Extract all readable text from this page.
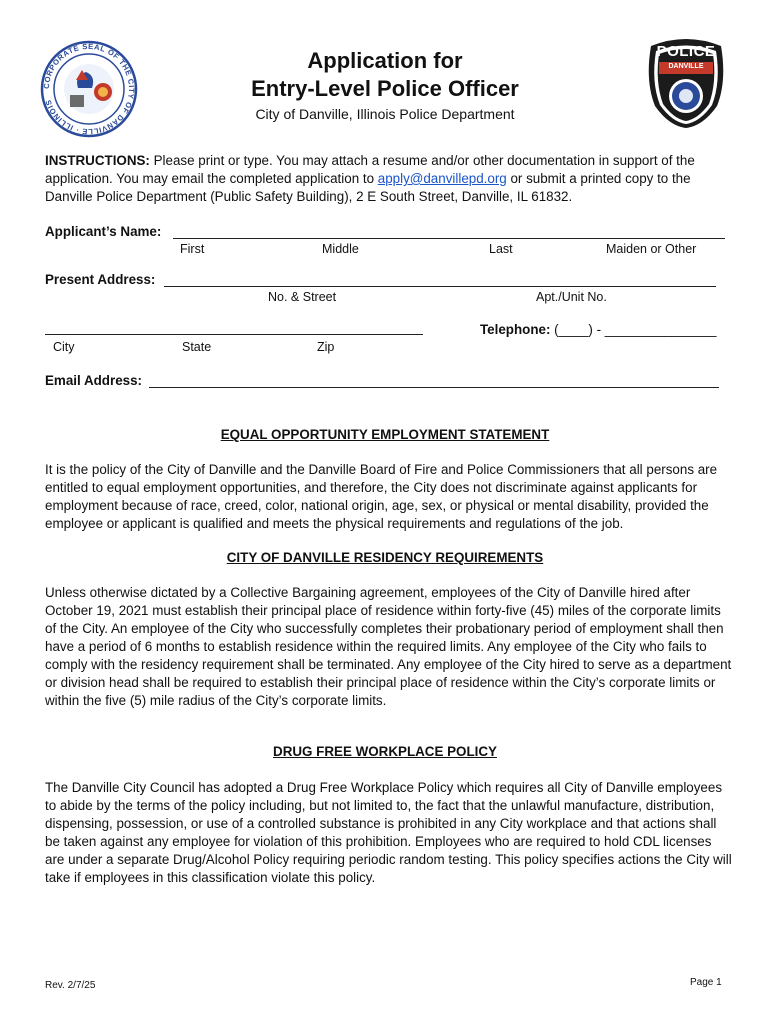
CORPORATE SEAL OF THE CITY OF DANVILLE · ILLINOIS
POLICE
DANVILLE
Application for
Entry-Level Police Officer
City of Danville, Illinois Police Department
INSTRUCTIONS: Please print or type. You may attach a resume and/or other documentation in support of the application. You may email the completed application to apply@danvillepd.org or submit a printed copy to the Danville Police Department (Public Safety Building), 2 E South Street, Danville, IL 61832.
Applicant’s Name:
First	Middle	Last	Maiden or Other
Present Address:
No. & Street	Apt./Unit No.
City	State	Zip
Telephone: (____) - _______________
Email Address:
EQUAL OPPORTUNITY EMPLOYMENT STATEMENT
It is the policy of the City of Danville and the Danville Board of Fire and Police Commissioners that all persons are entitled to equal employment opportunities, and therefore, the City does not discriminate against applicants for employment because of race, creed, color, national origin, age, sex, or physical or mental disability, provided the employee or applicant is qualified and meets the physical requirements and regulations of the job.
CITY OF DANVILLE RESIDENCY REQUIREMENTS
Unless otherwise dictated by a Collective Bargaining agreement, employees of the City of Danville hired after October 19, 2021 must establish their principal place of residence within forty-five (45) miles of the corporate limits of the City. An employee of the City who successfully completes their probationary period of employment shall then have a period of 6 months to establish residence within the required limits. Any employee of the City who fails to comply with the residency requirement shall be terminated. Any employee of the City hired to serve as a department or division head shall be required to establish their principal place of residence within the City’s corporate limits or within the five (5) mile radius of the City’s corporate limits.
DRUG FREE WORKPLACE POLICY
The Danville City Council has adopted a Drug Free Workplace Policy which requires all City of Danville employees to abide by the terms of the policy including, but not limited to, the fact that the unlawful manufacture, distribution, dispensing, possession, or use of a controlled substance is prohibited in any City workplace and that actions shall be taken against any employee for violation of this prohibition. Employees who are required to hold CDL licenses are under a separate Drug/Alcohol Policy requiring periodic random testing. This policy specifies actions the City will take if employees in this classification violate this policy.
Rev. 2/7/25	Page 1
